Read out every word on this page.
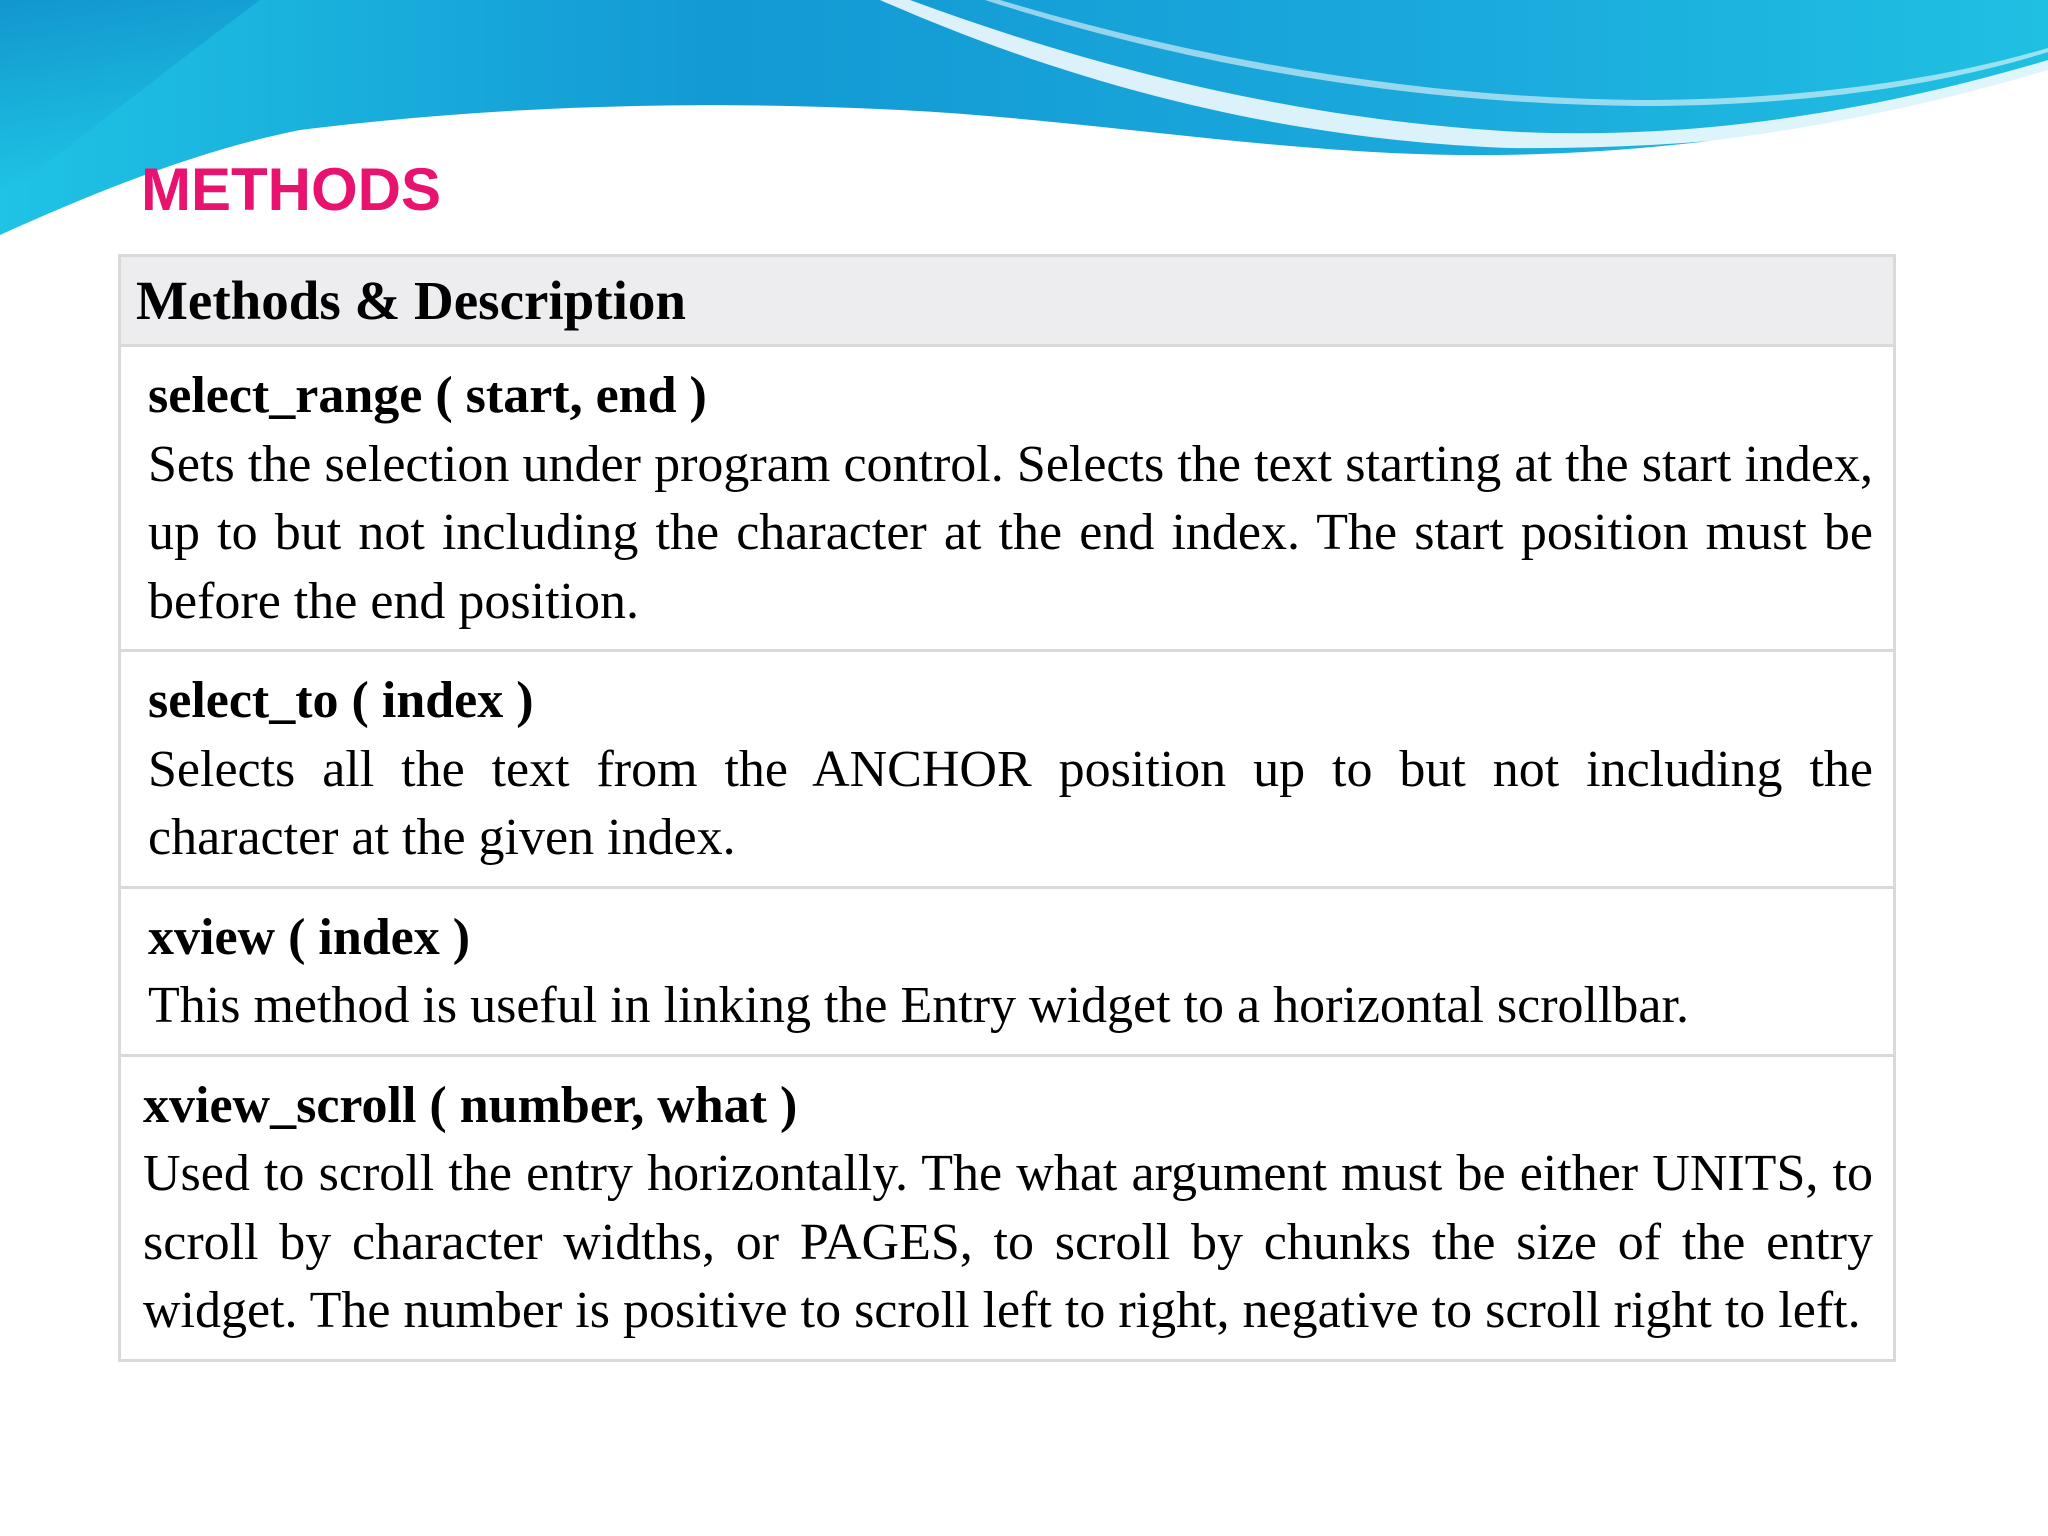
METHODS
Methods & Description

select_range ( start, end )
Sets the selection under program control. Selects the text starting at the start index, up to but not including the character at the end index. The start position must be before the end position.

select_to ( index )
Selects all the text from the ANCHOR position up to but not including the character at the given index.

xview ( index )
This method is useful in linking the Entry widget to a horizontal scrollbar.

xview_scroll ( number, what )
Used to scroll the entry horizontally. The what argument must be either UNITS, to scroll by character widths, or PAGES, to scroll by chunks the size of the entry widget. The number is positive to scroll left to right, negative to scroll right to left.
